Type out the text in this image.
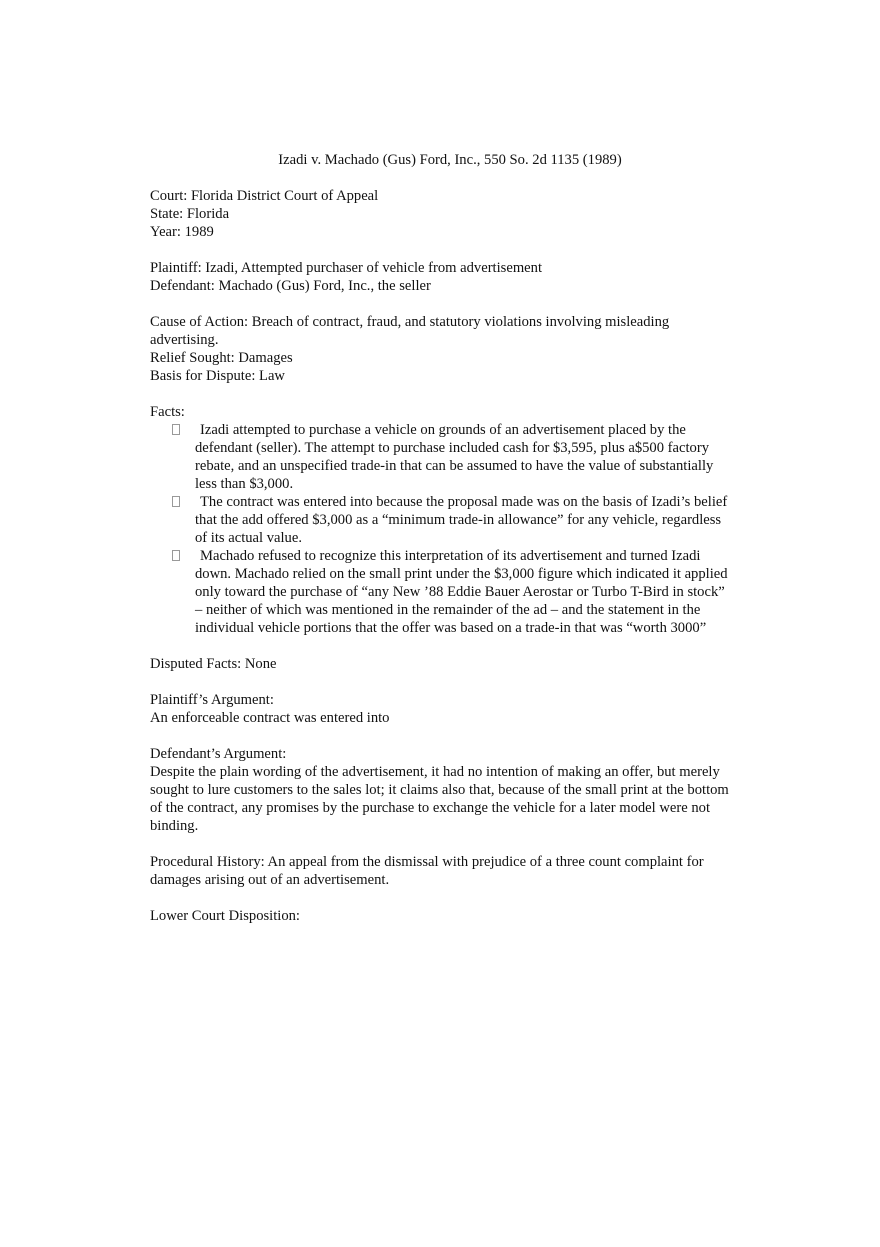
Izadi v. Machado (Gus) Ford, Inc., 550 So. 2d 1135 (1989)

Court: Florida District Court of Appeal

State: Florida

Year: 1989

Plaintiff: Izadi, Attempted purchaser of vehicle from advertisement

Defendant: Machado (Gus) Ford, Inc., the seller

Cause of Action: Breach of contract, fraud, and statutory violations involving misleading advertising.

Relief Sought: Damages

Basis for Dispute: Law

Facts:

Izadi attempted to purchase a vehicle on grounds of an advertisement placed by the defendant (seller). The attempt to purchase included cash for $3,595, plus a$500 factory rebate, and an unspecified trade-in that can be assumed to have the value of substantially less than $3,000.
The contract was entered into because the proposal made was on the basis of Izadi’s belief that the add offered $3,000 as a “minimum trade-in allowance” for any vehicle, regardless of its actual value.
Machado refused to recognize this interpretation of its advertisement and turned Izadi down. Machado relied on the small print under the $3,000 figure which indicated it applied only toward the purchase of “any New ’88 Eddie Bauer Aerostar or Turbo T-Bird in stock” – neither of which was mentioned in the remainder of the ad – and the statement in the individual vehicle portions that the offer was based on a trade-in that was “worth 3000”

Disputed Facts: None

Plaintiff’s Argument:

An enforceable contract was entered into

Defendant’s Argument:

Despite the plain wording of the advertisement, it had no intention of making an offer, but merely sought to lure customers to the sales lot; it claims also that, because of the small print at the bottom of the contract, any promises by the purchase to exchange the vehicle for a later model were not binding.

Procedural History: An appeal from the dismissal with prejudice of a three count complaint for damages arising out of an advertisement.

Lower Court Disposition:
